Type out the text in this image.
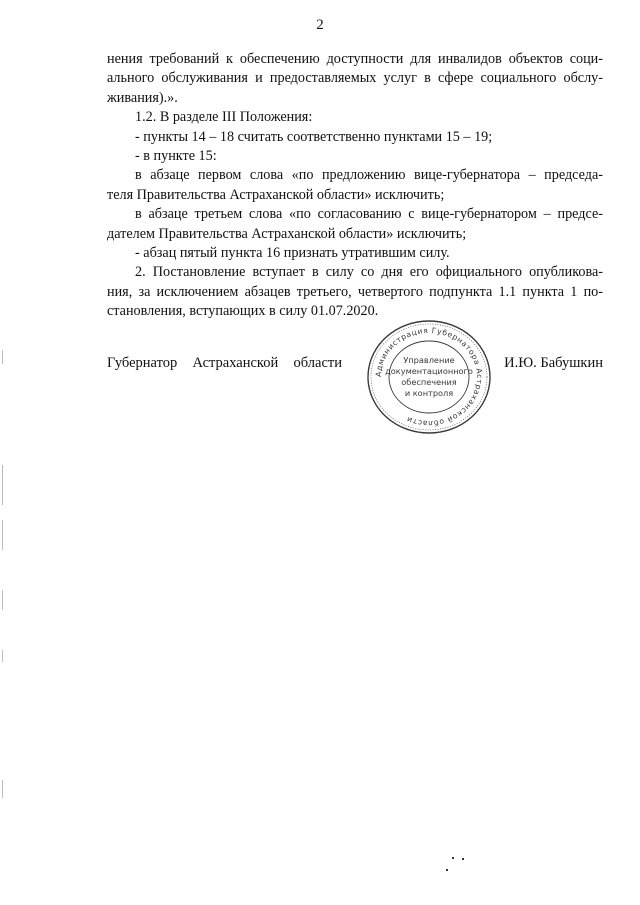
2

нения требований к обеспечению доступности для инвалидов объектов соци-
ального обслуживания и предоставляемых услуг в сфере социального обслу-
живания).».

1.2. В разделе III Положения:

- пункты 14 – 18 считать соответственно пунктами 15 – 19;

- в пункте 15:

в абзаце первом слова «по предложению вице-губернатора – председа-
теля Правительства Астраханской области» исключить;

в абзаце третьем слова «по согласованию с вице-губернатором – предсе-
дателем Правительства Астраханской области» исключить;

- абзац пятый пункта 16 признать утратившим силу.

2. Постановление вступает в силу со дня его официального опубликова-
ния, за исключением абзацев третьего, четвертого подпункта 1.1 пункта 1 по-
становления, вступающих в силу 01.07.2020.

Губернатор Астраханской области	И.Ю. Бабушкин
Администрация Губернатора Астраханской области
Управление
документационного
обеспечения
и контроля
